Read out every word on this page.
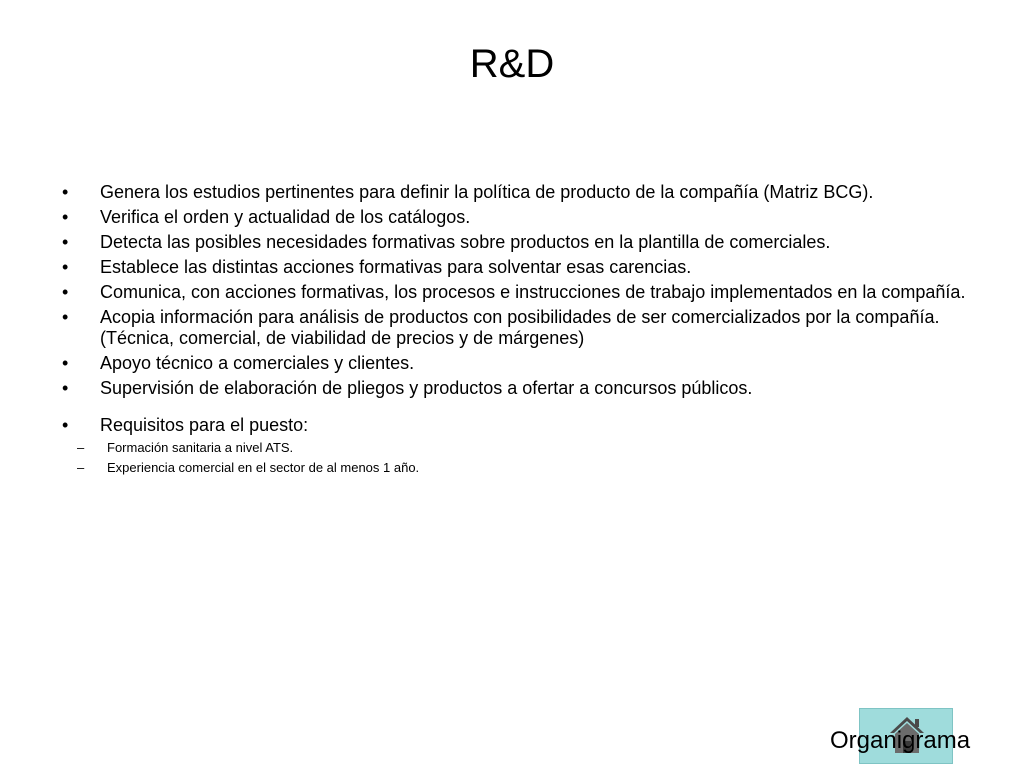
R&D
• Genera los estudios pertinentes para definir la política de producto de la compañía (Matriz BCG).
• Verifica el orden y actualidad de los catálogos.
• Detecta las posibles necesidades formativas sobre productos en la plantilla de comerciales.
• Establece las distintas acciones formativas para solventar esas carencias.
• Comunica, con acciones formativas, los procesos e instrucciones de trabajo implementados en la compañía.
• Acopia información para análisis de productos con posibilidades de ser comercializados por la compañía. (Técnica, comercial, de viabilidad de precios y de márgenes)
• Apoyo técnico a comerciales y clientes.
• Supervisión de elaboración de pliegos y productos a ofertar a concursos públicos.
• Requisitos para el puesto:
– Formación sanitaria a nivel ATS.
– Experiencia comercial en el sector de al menos 1 año.
Organigrama
